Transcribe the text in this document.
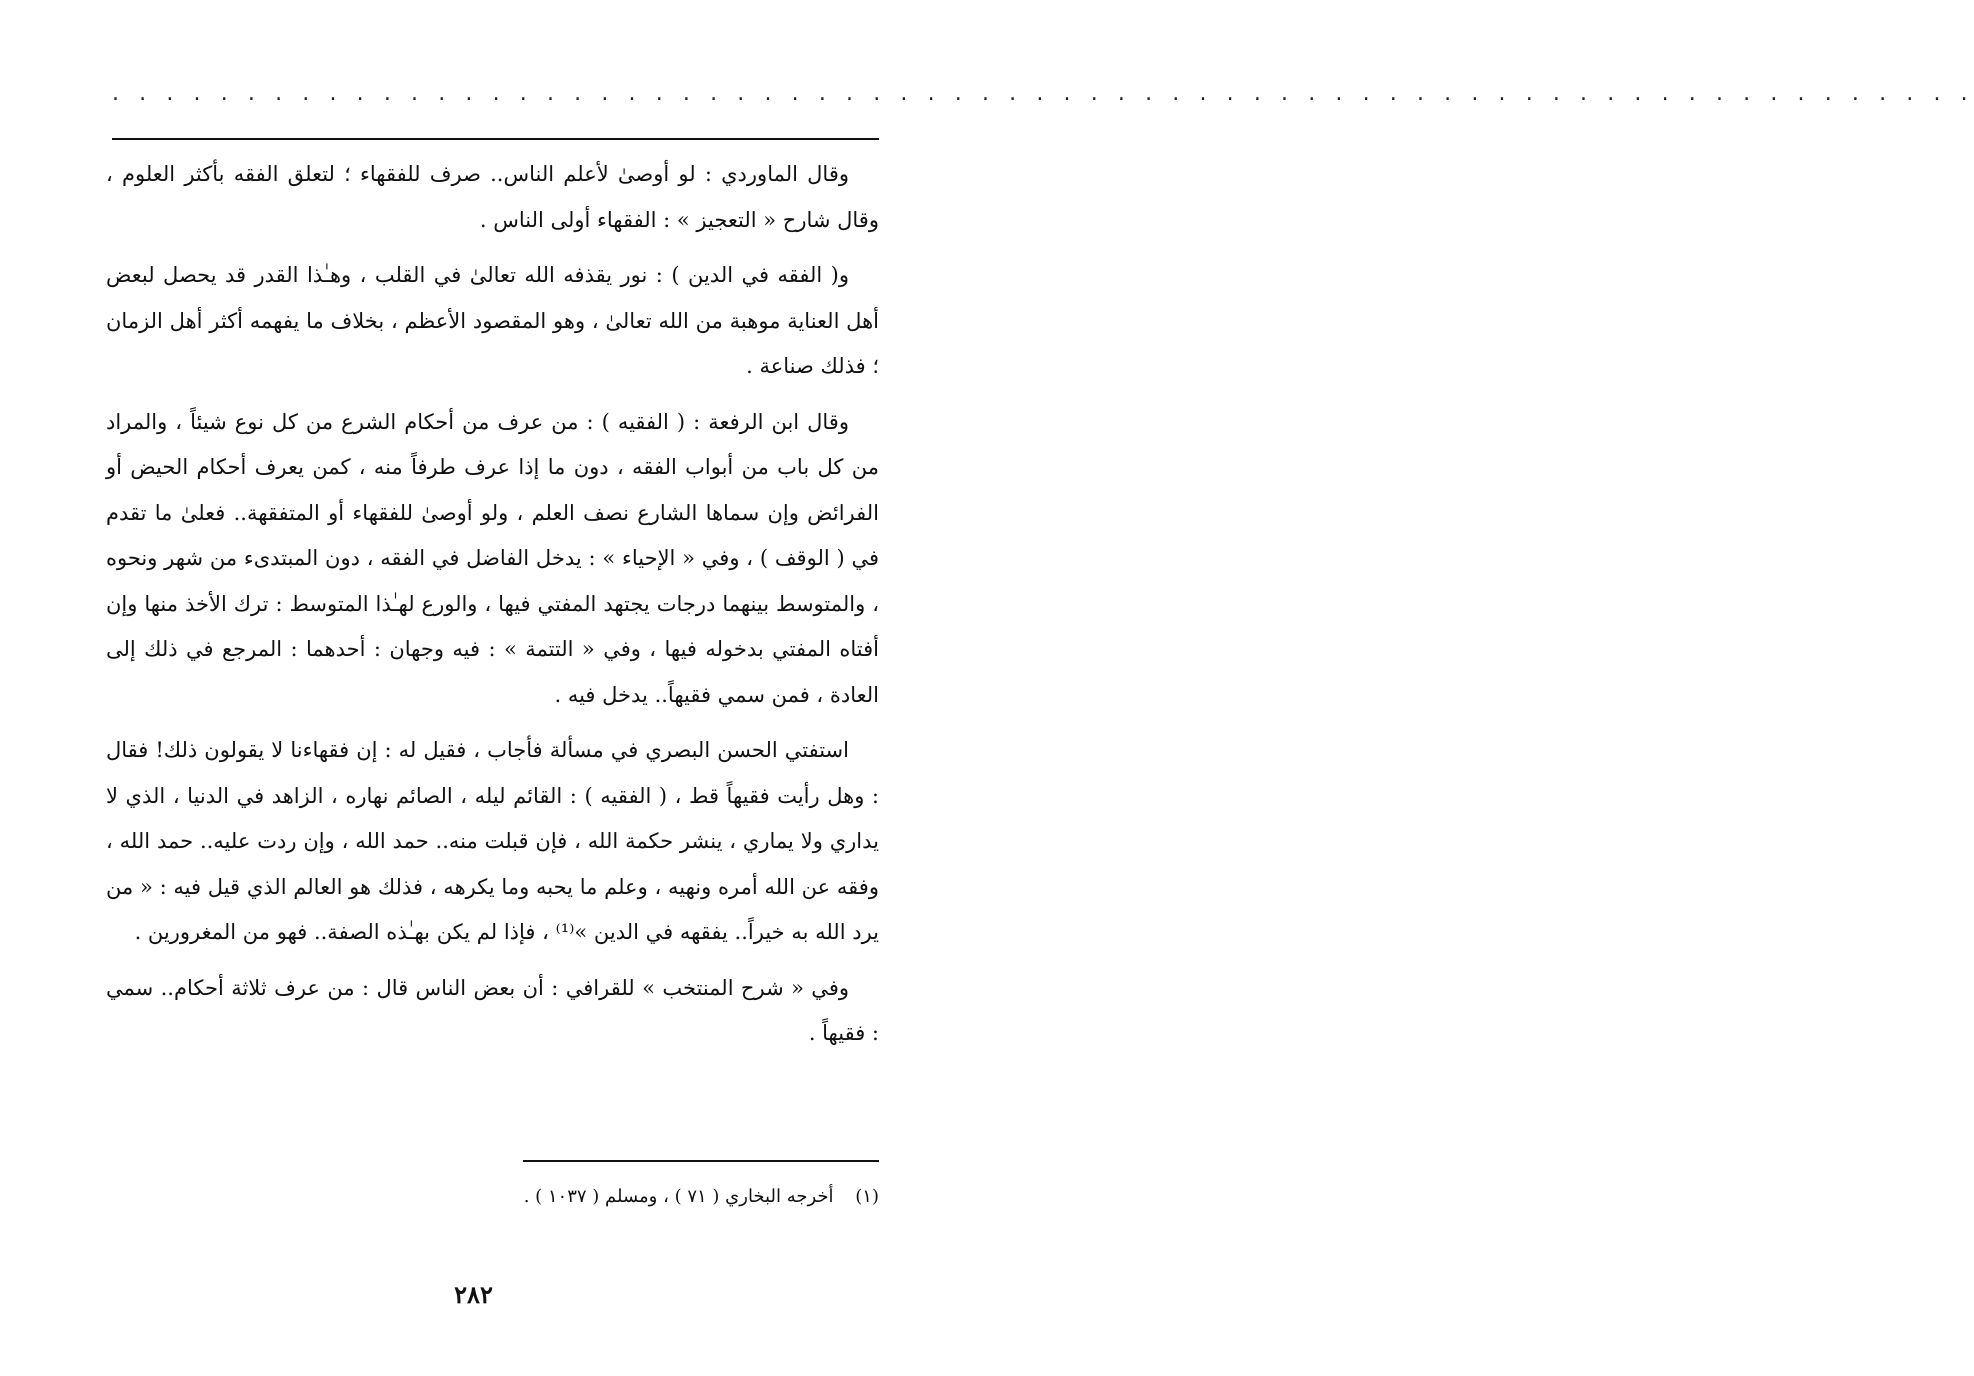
. . . . . . . . . . . . . . . . . . . . . . . . . . . . . . . . . . . . . . . . . . . . . . . . . . . . . . . . . . . . . . . . . . . . .

وقال الماوردي : لو أوصىٰ لأعلم الناس.. صرف للفقهاء ؛ لتعلق الفقه بأكثر العلوم ، وقال شارح « التعجيز » : الفقهاء أولى الناس .

و( الفقه في الدين ) : نور يقذفه الله تعالىٰ في القلب ، وهـٰذا القدر قد يحصل لبعض أهل العناية موهبة من الله تعالىٰ ، وهو المقصود الأعظم ، بخلاف ما يفهمه أكثر أهل الزمان ؛ فذلك صناعة .

وقال ابن الرفعة : ( الفقيه ) : من عرف من أحكام الشرع من كل نوع شيئاً ، والمراد من كل باب من أبواب الفقه ، دون ما إذا عرف طرفاً منه ، كمن يعرف أحكام الحيض أو الفرائض وإن سماها الشارع نصف العلم ، ولو أوصىٰ للفقهاء أو المتفقهة.. فعلىٰ ما تقدم في ( الوقف ) ، وفي « الإحياء » : يدخل الفاضل في الفقه ، دون المبتدىء من شهر ونحوه ، والمتوسط بينهما درجات يجتهد المفتي فيها ، والورع لهـٰذا المتوسط : ترك الأخذ منها وإن أفتاه المفتي بدخوله فيها ، وفي « التتمة » : فيه وجهان : أحدهما : المرجع في ذلك إلى العادة ، فمن سمي فقيهاً.. يدخل فيه .

استفتي الحسن البصري في مسألة فأجاب ، فقيل له : إن فقهاءنا لا يقولون ذلك! فقال : وهل رأيت فقيهاً قط ، ( الفقيه ) : القائم ليله ، الصائم نهاره ، الزاهد في الدنيا ، الذي لا يداري ولا يماري ، ينشر حكمة الله ، فإن قبلت منه.. حمد الله ، وإن ردت عليه.. حمد الله ، وفقه عن الله أمره ونهيه ، وعلم ما يحبه وما يكرهه ، فذلك هو العالم الذي قيل فيه : « من يرد الله به خيراً.. يفقهه في الدين »⁽¹⁾ ، فإذا لم يكن بهـٰذه الصفة.. فهو من المغرورين .

وفي « شرح المنتخب » للقرافي : أن بعض الناس قال : من عرف ثلاثة أحكام.. سمي : فقيهاً .

(١) أخرجه البخاري ( ٧١ ) ، ومسلم ( ١٠٣٧ ) .
٢٨٢
